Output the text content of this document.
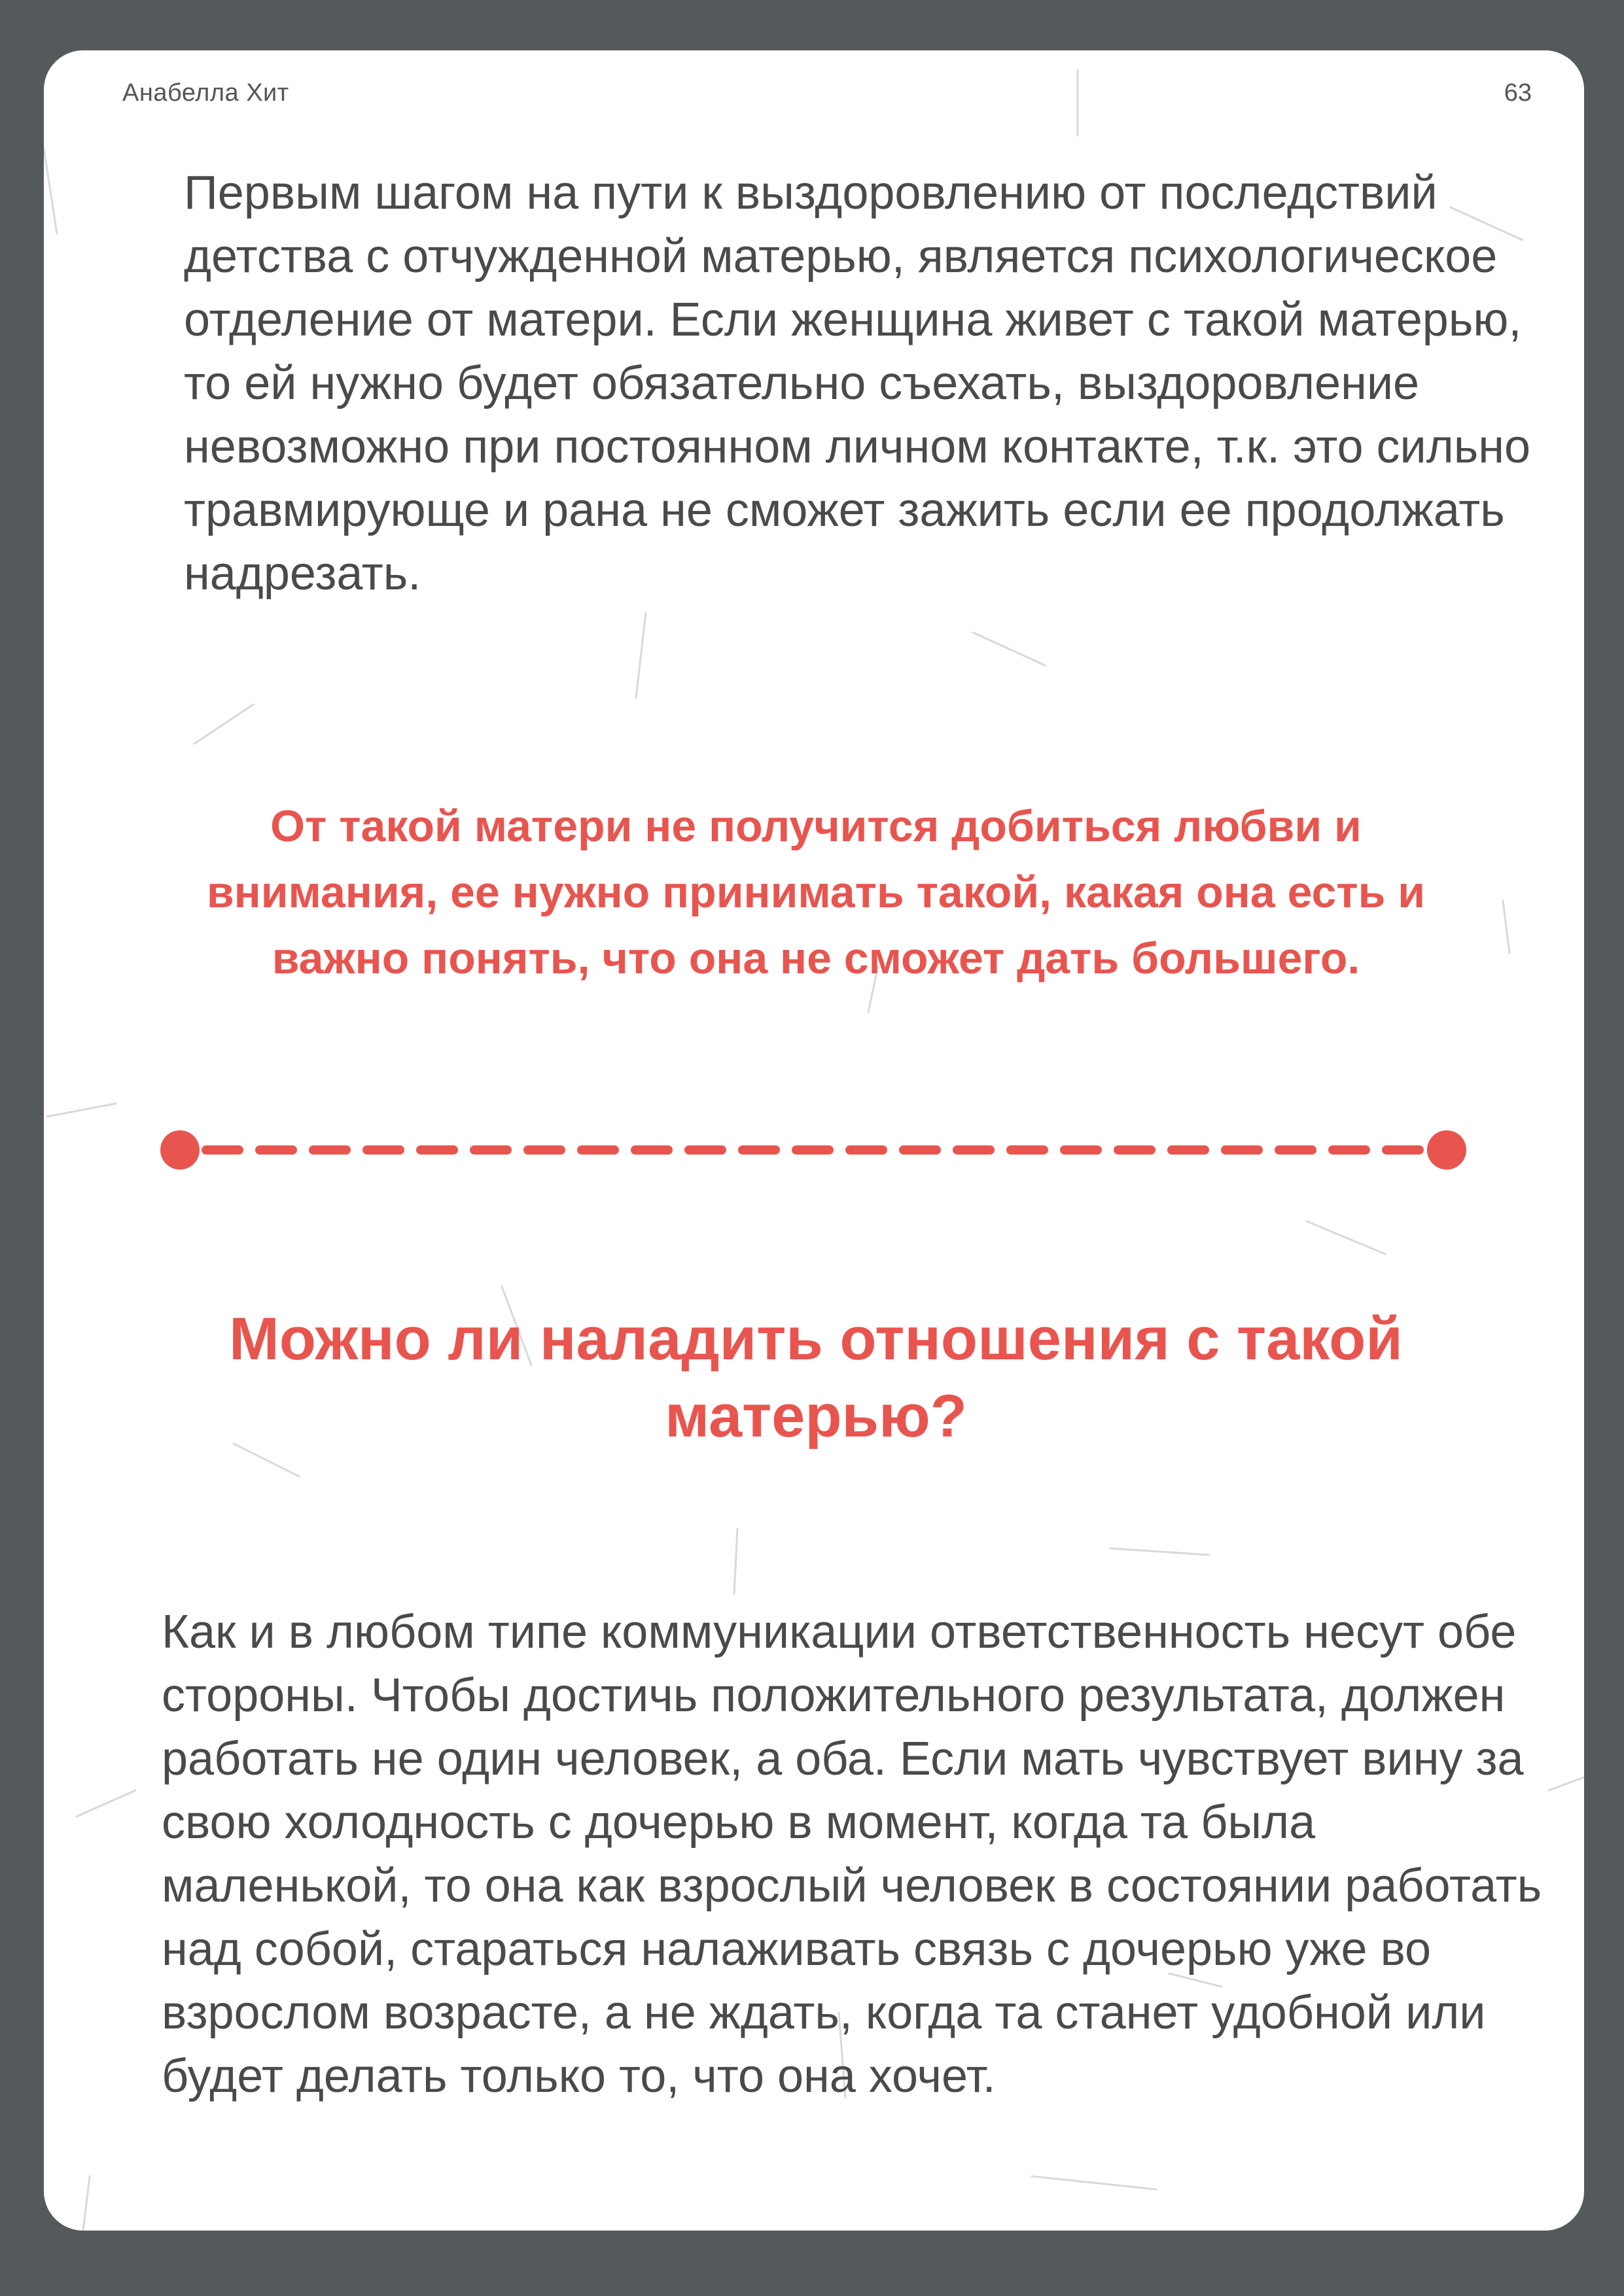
Анабелла Хит	63

Первым шагом на пути к выздоровлению от последствий детства с отчужденной матерью, является психологическое отделение от матери. Если женщина живет с такой матерью, то ей нужно будет обязательно съехать, выздоровление невозможно при постоянном личном контакте, т.к. это сильно травмирующе и рана не сможет зажить если ее продолжать надрезать.

От такой матери не получится добиться любви и внимания, ее нужно принимать такой, какая она есть и важно понять, что она не сможет дать большего.

Можно ли наладить отношения с такой матерью?

Как и в любом типе коммуникации ответственность несут обе стороны. Чтобы достичь положительного результата, должен работать не один человек, а оба. Если мать чувствует вину за свою холодность с дочерью в момент, когда та была маленькой, то она как взрослый человек в состоянии работать над собой, стараться налаживать связь с дочерью уже во взрослом возрасте, а не ждать, когда та станет удобной или будет делать только то, что она хочет.
